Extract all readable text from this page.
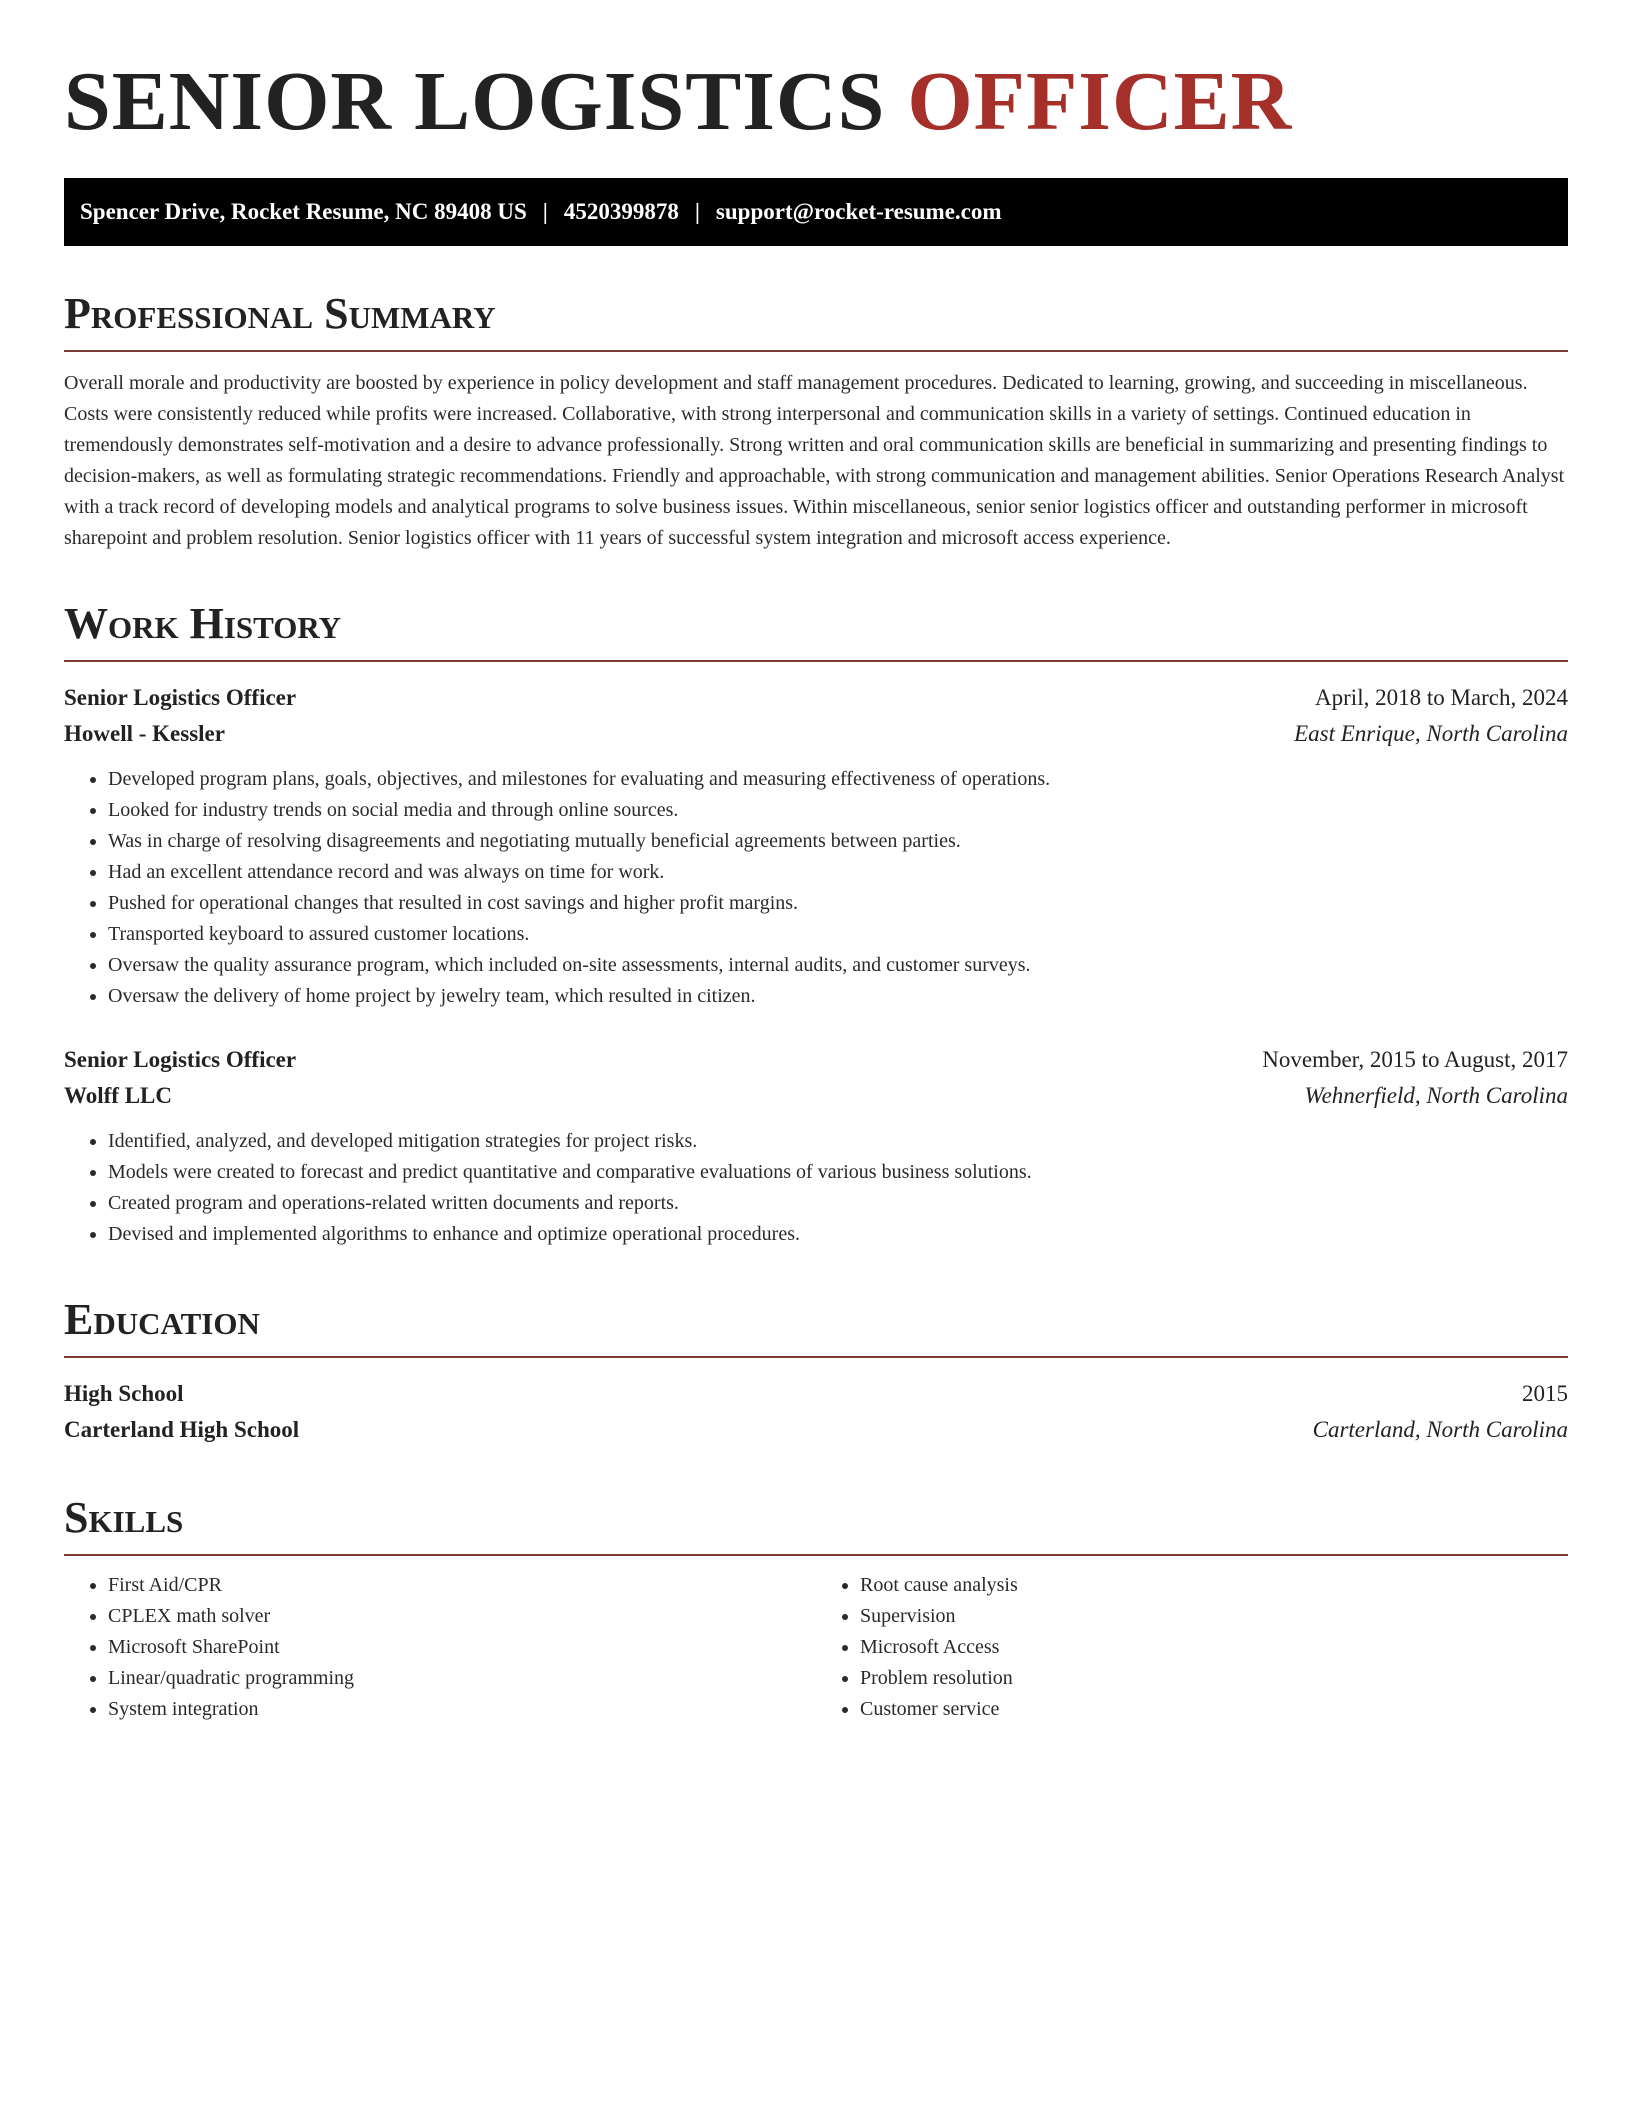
SENIOR LOGISTICS OFFICER
Spencer Drive, Rocket Resume, NC 89408 US | 4520399878 | support@rocket-resume.com
Professional Summary

Overall morale and productivity are boosted by experience in policy development and staff management procedures. Dedicated to learning, growing, and succeeding in miscellaneous. Costs were consistently reduced while profits were increased. Collaborative, with strong interpersonal and communication skills in a variety of settings. Continued education in tremendously demonstrates self-motivation and a desire to advance professionally. Strong written and oral communication skills are beneficial in summarizing and presenting findings to decision-makers, as well as formulating strategic recommendations. Friendly and approachable, with strong communication and management abilities. Senior Operations Research Analyst with a track record of developing models and analytical programs to solve business issues. Within miscellaneous, senior senior logistics officer and outstanding performer in microsoft sharepoint and problem resolution. Senior logistics officer with 11 years of successful system integration and microsoft access experience.

Work History
Senior Logistics Officer	April, 2018 to March, 2024
Howell - Kessler	East Enrique, North Carolina
• Developed program plans, goals, objectives, and milestones for evaluating and measuring effectiveness of operations.
• Looked for industry trends on social media and through online sources.
• Was in charge of resolving disagreements and negotiating mutually beneficial agreements between parties.
• Had an excellent attendance record and was always on time for work.
• Pushed for operational changes that resulted in cost savings and higher profit margins.
• Transported keyboard to assured customer locations.
• Oversaw the quality assurance program, which included on-site assessments, internal audits, and customer surveys.
• Oversaw the delivery of home project by jewelry team, which resulted in citizen.
Senior Logistics Officer	November, 2015 to August, 2017
Wolff LLC	Wehnerfield, North Carolina
• Identified, analyzed, and developed mitigation strategies for project risks.
• Models were created to forecast and predict quantitative and comparative evaluations of various business solutions.
• Created program and operations-related written documents and reports.
• Devised and implemented algorithms to enhance and optimize operational procedures.
Education
High School	2015
Carterland High School	Carterland, North Carolina
Skills
• First Aid/CPR
• CPLEX math solver
• Microsoft SharePoint
• Linear/quadratic programming
• System integration
• Root cause analysis
• Supervision
• Microsoft Access
• Problem resolution
• Customer service
